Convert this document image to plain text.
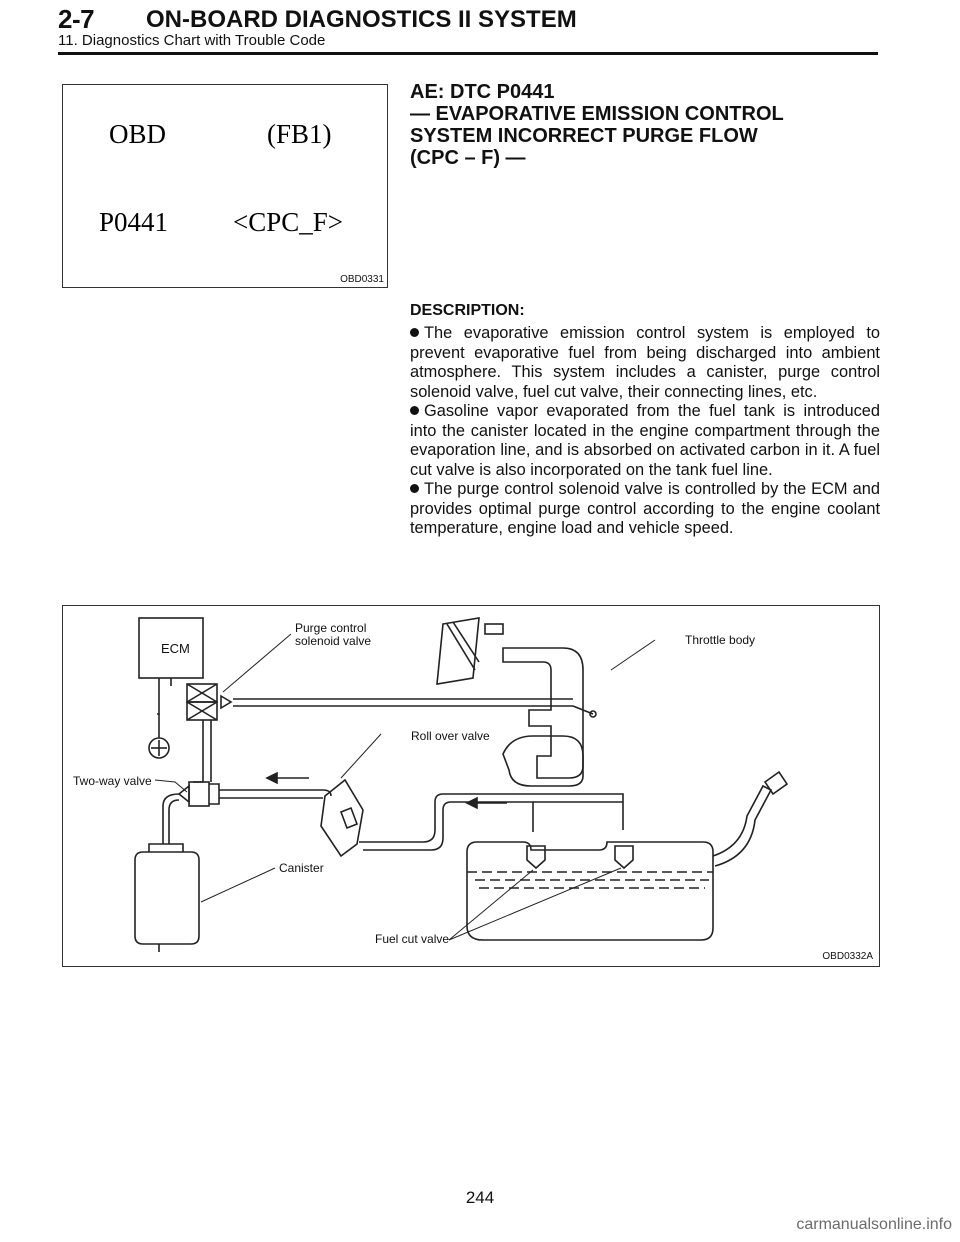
2-7 ON-BOARD DIAGNOSTICS II SYSTEM
11. Diagnostics Chart with Trouble Code
OBD	(FB1)
P0441 <CPC_F>
OBD0331
AE: DTC P0441
— EVAPORATIVE EMISSION CONTROL
SYSTEM INCORRECT PURGE FLOW
(CPC – F) —
DESCRIPTION:

The evaporative emission control system is employed to prevent evaporative fuel from being discharged into ambient atmosphere. This system includes a canister, purge control solenoid valve, fuel cut valve, their connecting lines, etc.

Gasoline vapor evaporated from the fuel tank is introduced into the canister located in the engine compartment through the evaporation line, and is absorbed on activated carbon in it. A fuel cut valve is also incorporated on the tank fuel line.

The purge control solenoid valve is controlled by the ECM and provides optimal purge control according to the engine coolant temperature, engine load and vehicle speed.

ECM
Purge control
solenoid valve	Throttle body
Roll over valve
Two-way valve
Canister
Fuel cut valve
OBD0332A
244
carmanualsonline.info
